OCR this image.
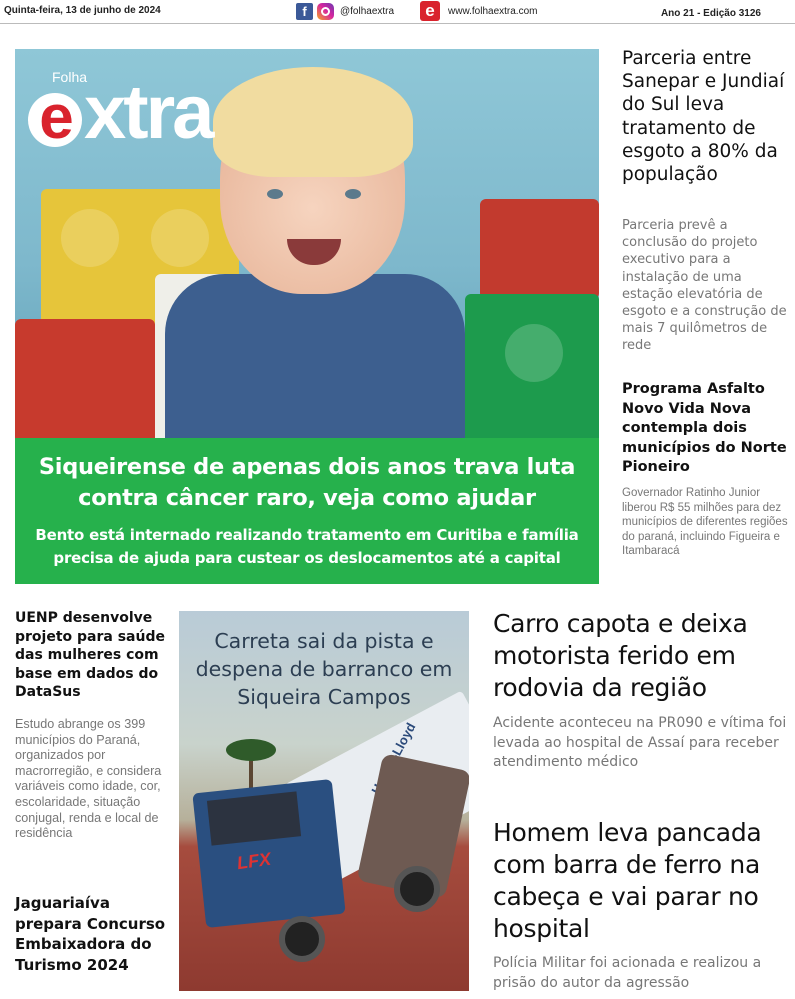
Quinta-feira, 13 de junho de 2024	f	@folhaextra	e	www.folhaextra.com	Ano 21 - Edição 3126
Folha
e xtra
Siqueirense de apenas dois anos trava luta contra câncer raro, veja como ajudar
Bento está internado realizando tratamento em Curitiba e família precisa de ajuda para custear os deslocamentos até a capital
Parceria entre Sanepar e Jundiaí do Sul leva tratamento de esgoto a 80% da população
Parceria prevê a conclusão do projeto executivo para a instalação de uma estação elevatória de esgoto e a construção de mais 7 quilômetros de rede
Programa Asfalto Novo Vida Nova contempla dois municípios do Norte Pioneiro
Governador Ratinho Junior liberou R$ 55 milhões para dez municípios de diferentes regiões do paraná, incluindo Figueira e Itambaracá
UENP desenvolve projeto para saúde das mulheres com base em dados do DataSus
Estudo abrange os 399 municípios do Paraná, organizados por macrorregião, e considera variáveis como idade, cor, escolaridade, situação conjugal, renda e local de residência
Jaguariaíva prepara Concurso Embaixadora do Turismo 2024
LFX
Carreta sai da pista e despena de barranco em Siqueira Campos
Carro capota e deixa motorista ferido em rodovia da região
Acidente aconteceu na PR090 e vítima foi levada ao hospital de Assaí para receber atendimento médico
Homem leva pancada com barra de ferro na cabeça e vai parar no hospital
Polícia Militar foi acionada e realizou a prisão do autor da agressão
